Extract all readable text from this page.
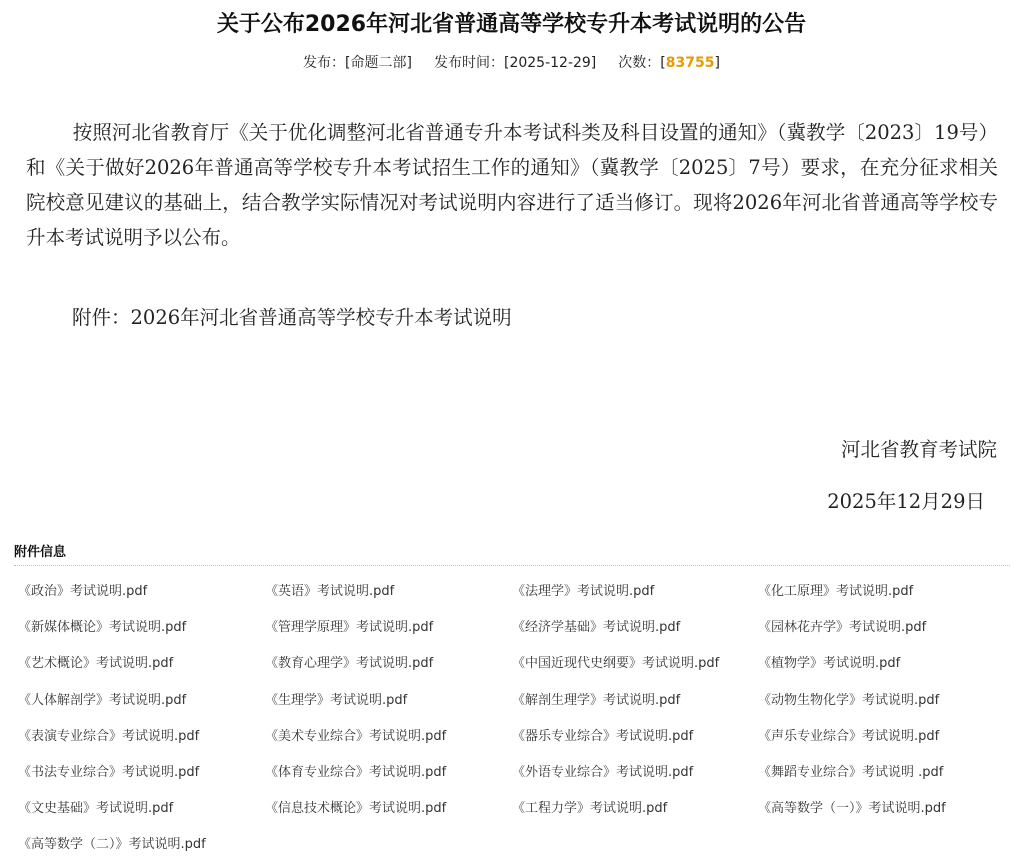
关于公布2026年河北省普通高等学校专升本考试说明的公告
发布：[命题二部] 发布时间：[2025-12-29] 次数：[83755]

按照河北省教育厅《关于优化调整河北省普通专升本考试科类及科目设置的通知》（冀教学〔2023〕19号）和《关于做好2026年普通高等学校专升本考试招生工作的通知》（冀教学〔2025〕7号）要求，在充分征求相关院校意见建议的基础上，结合教学实际情况对考试说明内容进行了适当修订。现将2026年河北省普通高等学校专升本考试说明予以公布。

附件：2026年河北省普通高等学校专升本考试说明
河北省教育考试院
2025年12月29日
附件信息
《政治》考试说明.pdf	《英语》考试说明.pdf	《法理学》考试说明.pdf	《化工原理》考试说明.pdf
《新媒体概论》考试说明.pdf	《管理学原理》考试说明.pdf	《经济学基础》考试说明.pdf	《园林花卉学》考试说明.pdf
《艺术概论》考试说明.pdf	《教育心理学》考试说明.pdf	《中国近现代史纲要》考试说明.pdf	《植物学》考试说明.pdf
《人体解剖学》考试说明.pdf	《生理学》考试说明.pdf	《解剖生理学》考试说明.pdf	《动物生物化学》考试说明.pdf
《表演专业综合》考试说明.pdf	《美术专业综合》考试说明.pdf	《器乐专业综合》考试说明.pdf	《声乐专业综合》考试说明.pdf
《书法专业综合》考试说明.pdf	《体育专业综合》考试说明.pdf	《外语专业综合》考试说明.pdf	《舞蹈专业综合》考试说明 .pdf
《文史基础》考试说明.pdf	《信息技术概论》考试说明.pdf	《工程力学》考试说明.pdf	《高等数学（一）》考试说明.pdf
《高等数学（二）》考试说明.pdf
